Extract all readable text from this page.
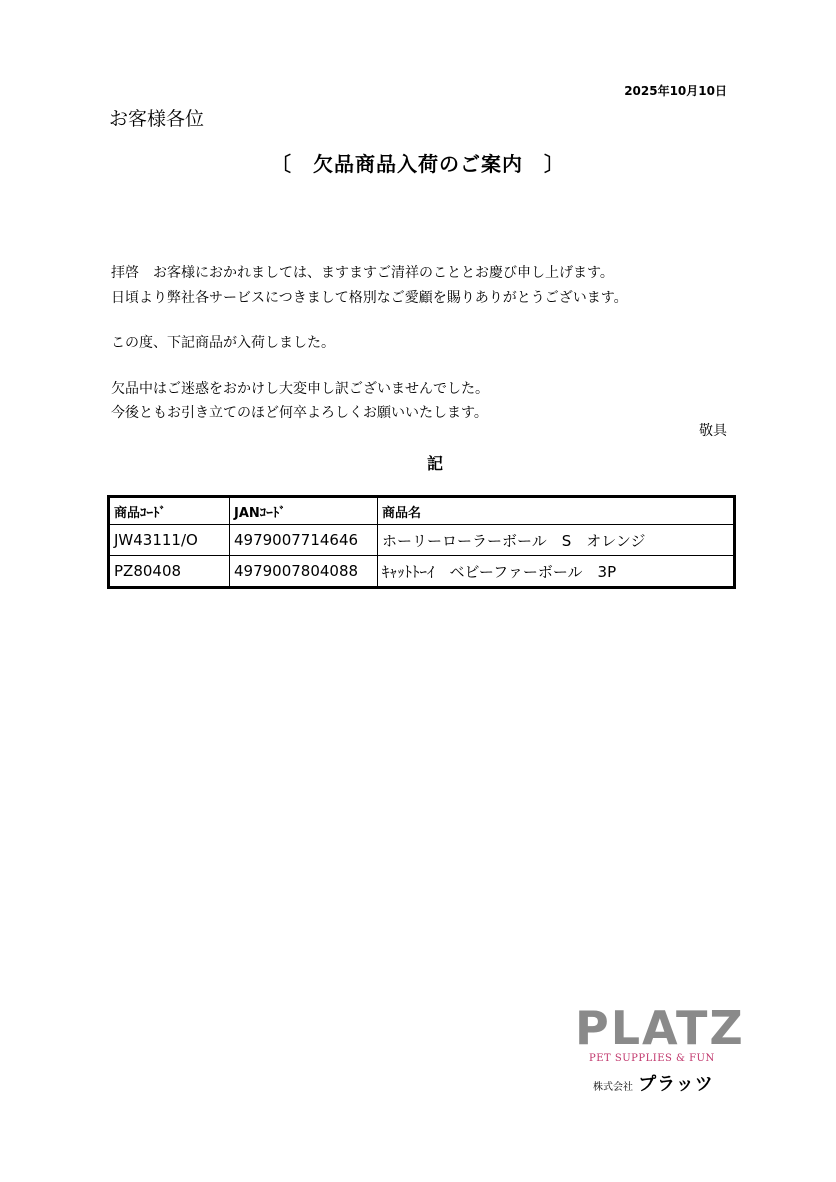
2025年10月10日
お客様各位
〔　欠品商品入荷のご案内　〕
拝啓　お客様におかれましては、ますますご清祥のこととお慶び申し上げます。
日頃より弊社各サービスにつきまして格別なご愛顧を賜りありがとうございます。
この度、下記商品が入荷しました。
欠品中はご迷惑をおかけし大変申し訳ございませんでした。
今後ともお引き立てのほど何卒よろしくお願いいたします。
敬具
記
商品ｺｰﾄﾞ	JANｺｰﾄﾞ	商品名
JW43111/O	4979007714646	ホーリーローラーボール　S　オレンジ
PZ80408	4979007804088	ｷｬｯﾄﾄｰｲ　ベビーファーボール　3P
PLATZ
PET SUPPLIES & FUN
株式会社 プラッツ
